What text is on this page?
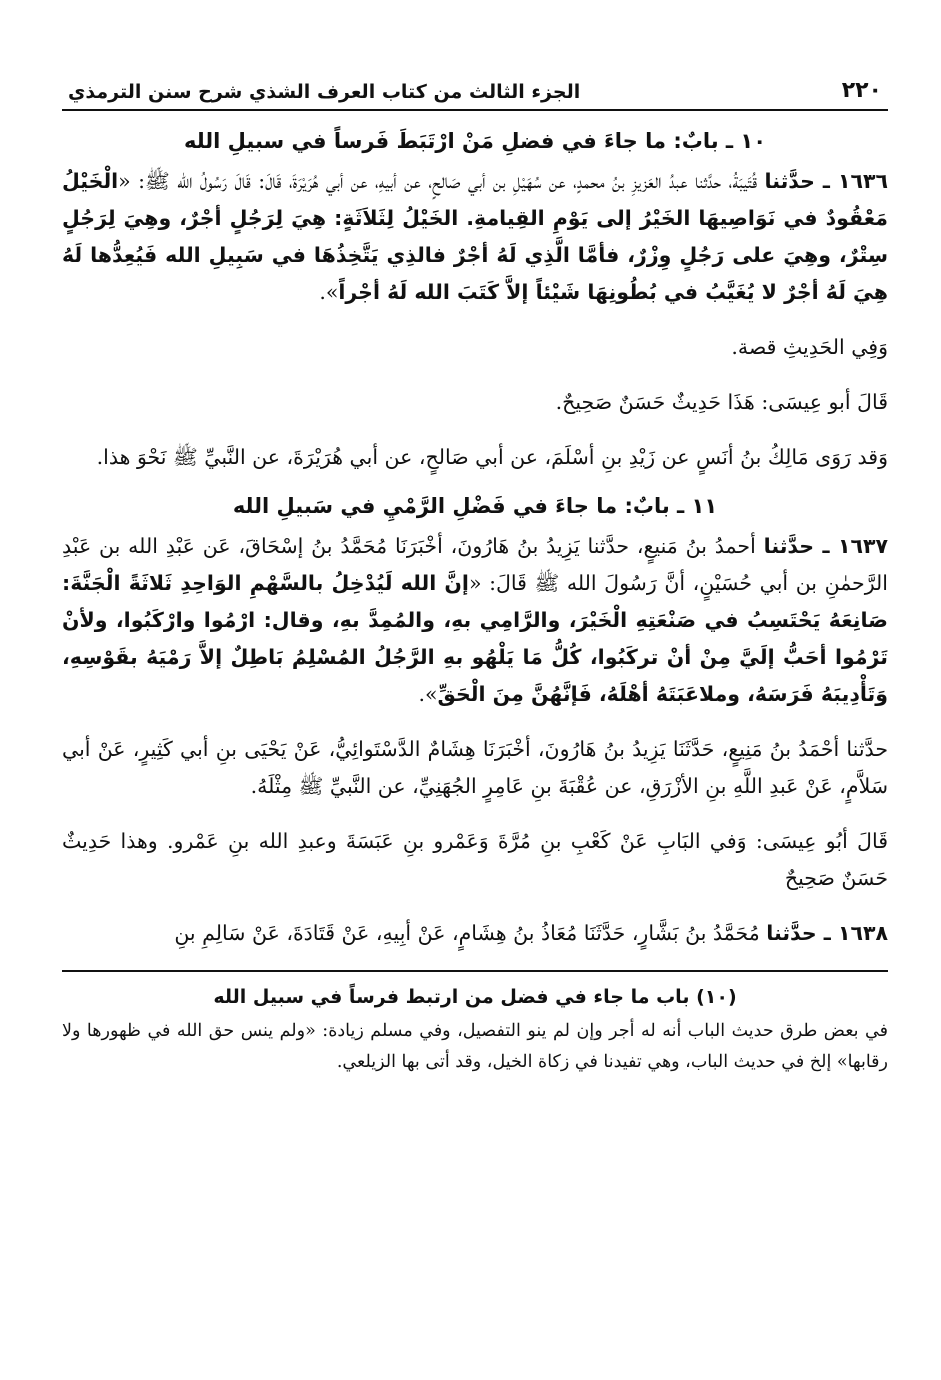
٢٢٠
الجزء الثالث من كتاب العرف الشذي شرح سنن الترمذي
١٠ ـ بابٌ: ما جاءَ في فضلِ مَنْ ارْتَبَطَ فَرساً في سبيلِ الله

١٦٣٦ ـ حدَّثنا قُتَيبَةُ، حدَّثنا عبدُ العَزيزِ بنُ محمدٍ، عن سُهَيْلِ بن أبي صَالحٍ، عن أبيهِ، عن أبي هُرَيْرَةَ، قَالَ: قَالَ رَسُولُ الله ﷺ: «الْخَيْلُ مَعْقُودٌ في نَوَاصِيهَا الخَيْرُ إلى يَوْمِ القِيامةِ. الخَيْلُ لِثَلاَثَةٍ: هِيَ لِرَجُلٍ أجْرٌ، وهِيَ لِرَجُلٍ سِتْرٌ، وهِيَ على رَجُلٍ وِزْرٌ، فأمَّا الَّذِي لَهُ أجْرٌ فالذِي يَتَّخِذُهَا في سَبِيلِ الله فَيُعِدُّها لَهُ هِيَ لَهُ أجْرٌ لا يُغَيَّبُ في بُطُونِهَا شَيْئاً إلاَّ كَتَبَ الله لَهُ أجْراً».

وَفِي الحَدِيثِ قصة.

قَالَ أبو عِيسَى: هَذَا حَدِيثٌ حَسَنٌ صَحِيحٌ.

وَقد رَوَى مَالِكُ بنُ أنَسٍ عن زَيْدِ بنِ أسْلَمَ، عن أبي صَالحٍ، عن أبي هُرَيْرَةَ، عن النَّبيِّ ﷺ نَحْوَ هذا.

١١ ـ بابٌ: ما جاءَ في فَضْلِ الرَّمْيِ في سَبيلِ الله

١٦٣٧ ـ حدَّثنا أحمدُ بنُ مَنيعٍ، حدَّثنا يَزِيدُ بنُ هَارُونَ، أخْبَرَنَا مُحَمَّدُ بنُ إسْحَاقَ، عَن عَبْدِ الله بن عَبْدِ الرَّحمٰنِ بن أبي حُسَيْنٍ، أنَّ رَسُولَ الله ﷺ قَالَ: «إنَّ الله لَيُدْخِلُ بالسَّهْمِ الوَاحِدِ ثَلاثَةً الْجَنَّةَ: صَانِعَهُ يَحْتَسِبُ في صَنْعَتِهِ الْخَيْرَ، والرَّامِي بهِ، والمُمِدَّ بهِ، وقال: ارْمُوا وارْكَبُوا، ولأنْ تَرْمُوا أحَبُّ إلَيَّ مِنْ أنْ تركَبُوا، كُلُّ مَا يَلْهُو بهِ الرَّجُلُ المُسْلِمُ بَاطِلٌ إلاَّ رَمْيَهُ بقَوْسِهِ، وَتَأْدِيبَهُ فَرَسَهُ، وملاعَبَتَهُ أهْلَهُ، فَإنَّهُنَّ مِنَ الْحَقِّ».

حدَّثنا أحْمَدُ بنُ مَنِيعٍ، حَدَّثَنَا يَزِيدُ بنُ هَارُونَ، أخْبَرَنَا هِشَامٌ الدَّسْتَوائِيُّ، عَنْ يَحْيَى بنِ أبي كَثِيرٍ، عَنْ أبي سَلاَّمٍ، عَنْ عَبدِ اللَّهِ بنِ الأزْرَقِ، عن عُقْبَةَ بنِ عَامِرٍ الجُهَنِيِّ، عن النَّبيِّ ﷺ مِثْلَهُ.

قَالَ أبُو عِيسَى: وَفي البَابِ عَنْ كَعْبِ بنِ مُرَّةَ وَعَمْرو بنِ عَبَسَةَ وعبدِ الله بنِ عَمْرو. وهذا حَدِيثٌ حَسَنٌ صَحِيحٌ

١٦٣٨ ـ حدَّثنا مُحَمَّدُ بنُ بَشَّارٍ، حَدَّثَنَا مُعَاذُ بنُ هِشَامٍ، عَنْ أبِيهِ، عَنْ قَتَادَةَ، عَنْ سَالِمِ بنِ

(١٠) باب ما جاء في فضل من ارتبط فرساً في سبيل الله

في بعض طرق حديث الباب أنه له أجر وإن لم ينو التفصيل، وفي مسلم زيادة: «ولم ينس حق الله في ظهورها ولا رقابها» إلخ في حديث الباب، وهي تفيدنا في زكاة الخيل، وقد أتى بها الزيلعي.
